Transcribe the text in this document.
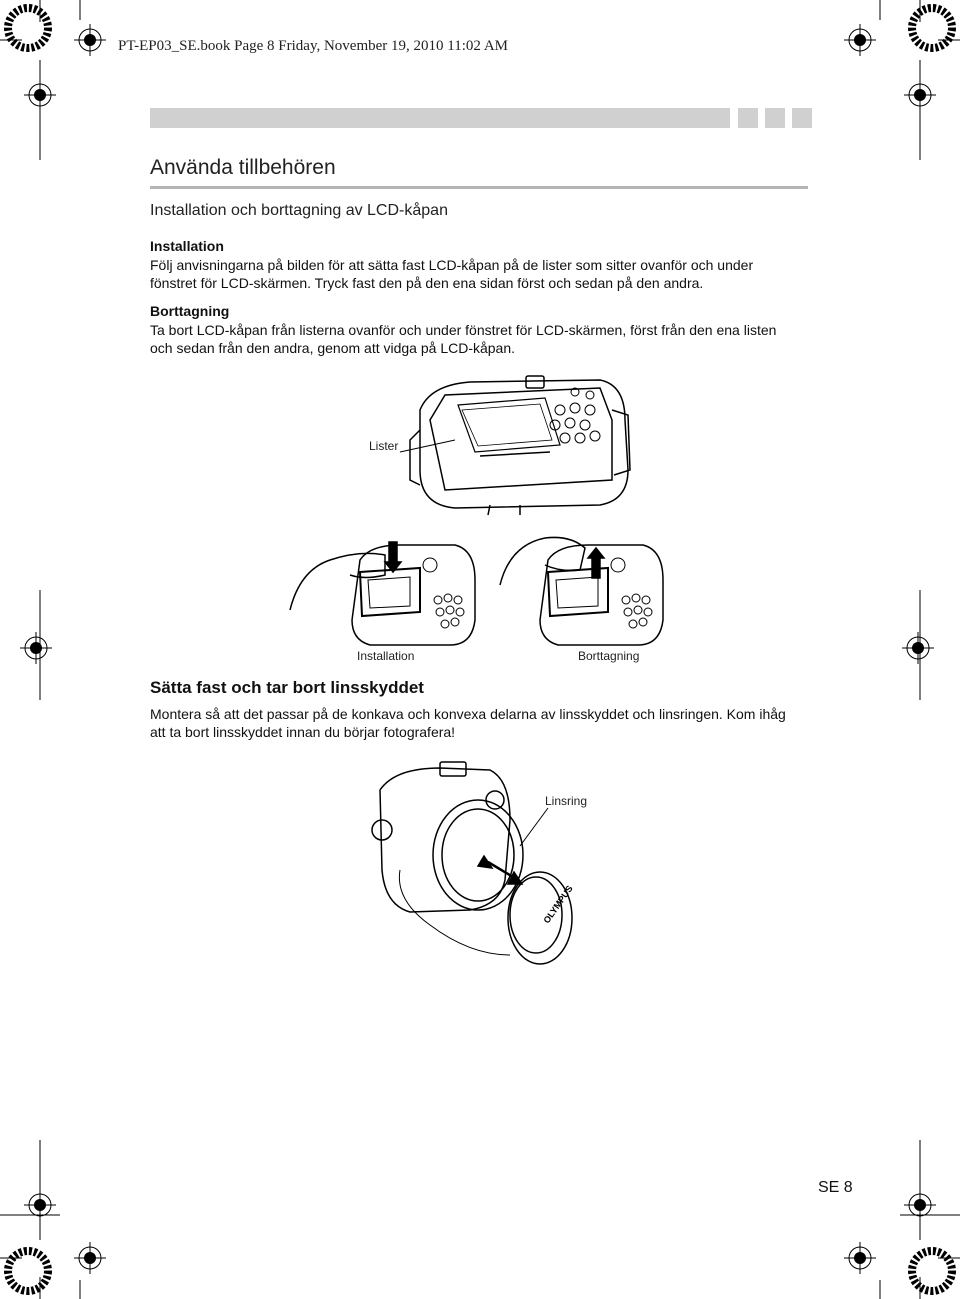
PT-EP03_SE.book Page 8 Friday, November 19, 2010 11:02 AM
Använda tillbehören
Installation och borttagning av LCD-kåpan
Installation
Följ anvisningarna på bilden för att sätta fast LCD-kåpan på de lister som sitter ovanför och under
fönstret för LCD-skärmen. Tryck fast den på den ena sidan först och sedan på den andra.
Borttagning
Ta bort LCD-kåpan från listerna ovanför och under fönstret för LCD-skärmen, först från den ena listen
och sedan från den andra, genom att vidga på LCD-kåpan.
Lister
Installation	Borttagning
Sätta fast och tar bort linsskyddet
Montera så att det passar på de konkava och konvexa delarna av linsskyddet och linsringen. Kom ihåg
att ta bort linsskyddet innan du börjar fotografera!
OLYMPUS
Linsring
SE 8
